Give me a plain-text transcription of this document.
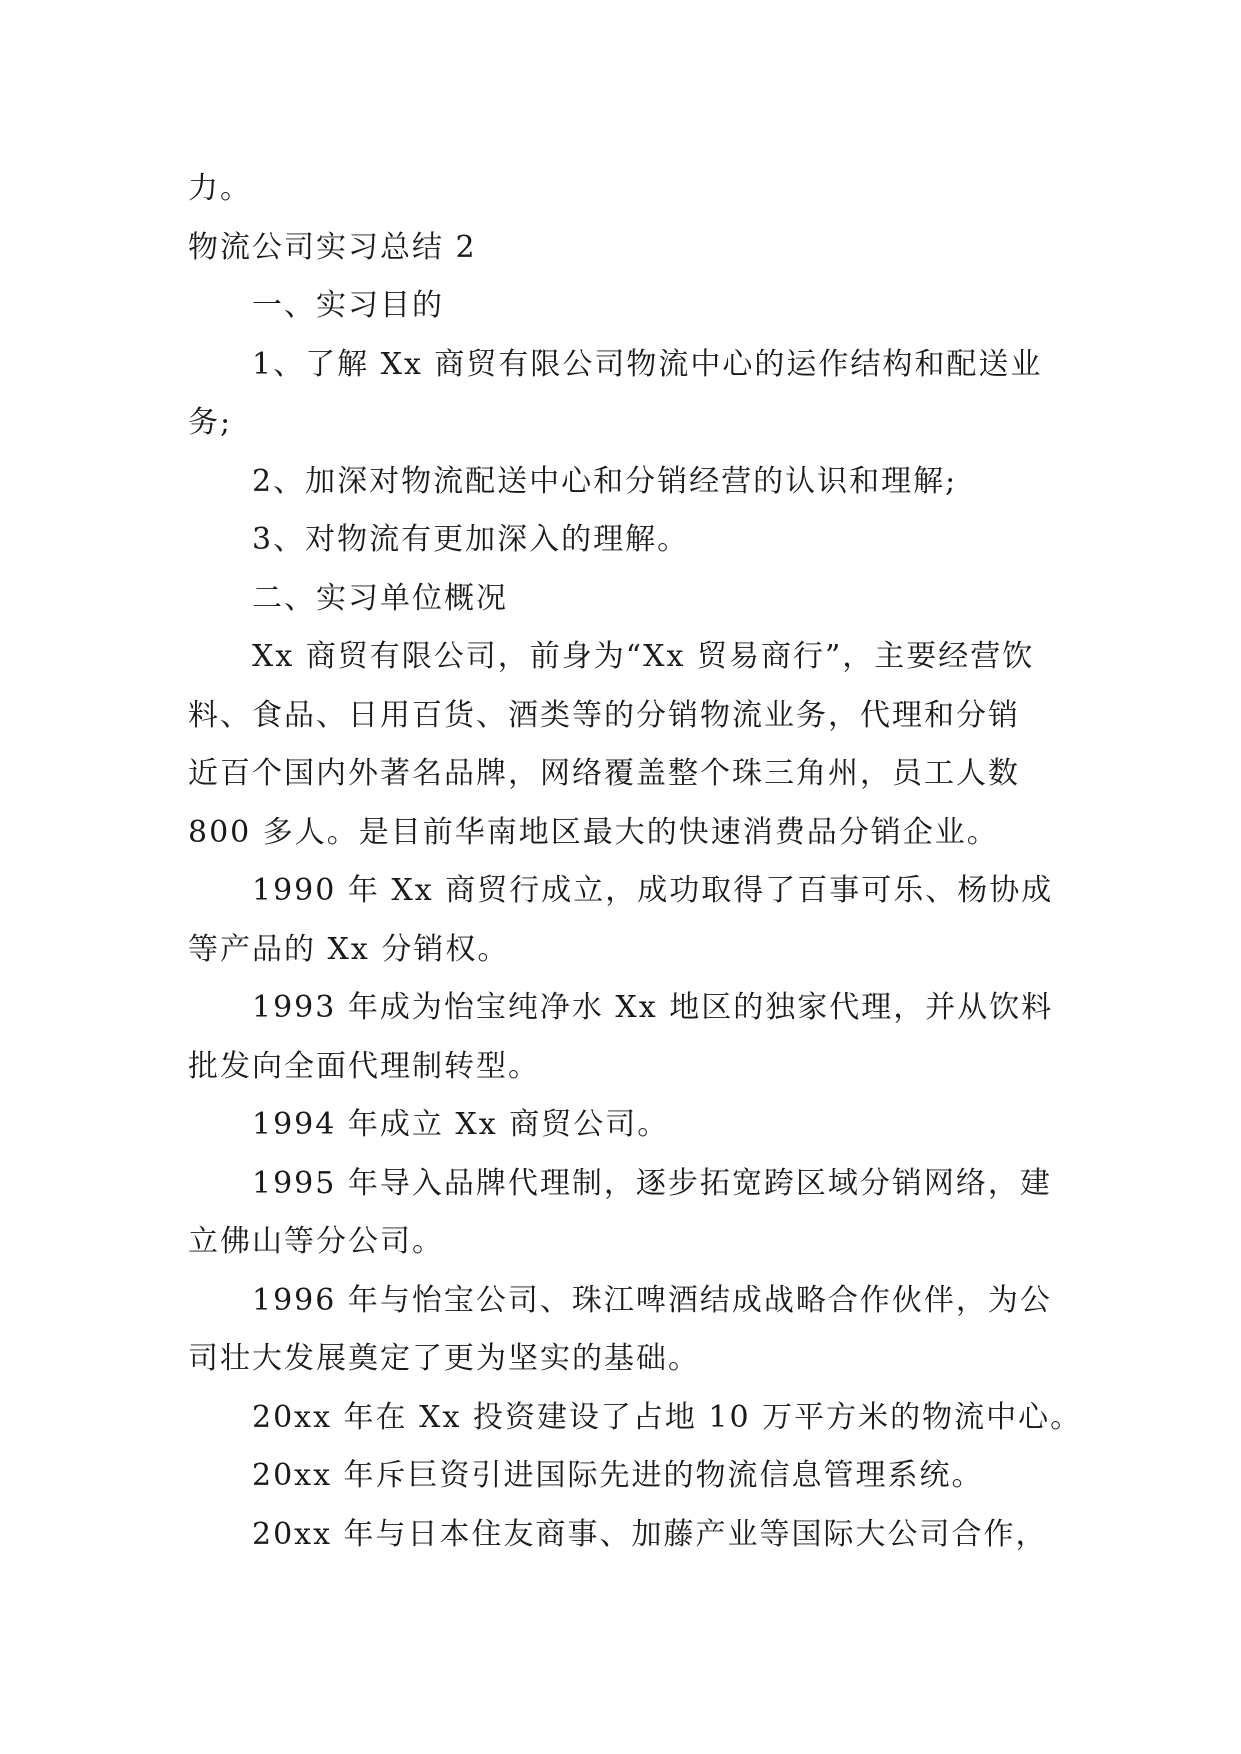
力。
物流公司实习总结 2
一、实习目的
1、了解 Xx 商贸有限公司物流中心的运作结构和配送业
务;
2、加深对物流配送中心和分销经营的认识和理解;
3、对物流有更加深入的理解。
二、实习单位概况
Xx 商贸有限公司，前身为“Xx 贸易商行”，主要经营饮
料、食品、日用百货、酒类等的分销物流业务，代理和分销
近百个国内外著名品牌，网络覆盖整个珠三角州，员工人数
800 多人。是目前华南地区最大的快速消费品分销企业。
1990 年 Xx 商贸行成立，成功取得了百事可乐、杨协成
等产品的 Xx 分销权。
1993 年成为怡宝纯净水 Xx 地区的独家代理，并从饮料
批发向全面代理制转型。
1994 年成立 Xx 商贸公司。
1995 年导入品牌代理制，逐步拓宽跨区域分销网络，建
立佛山等分公司。
1996 年与怡宝公司、珠江啤酒结成战略合作伙伴，为公
司壮大发展奠定了更为坚实的基础。
20xx 年在 Xx 投资建设了占地 10 万平方米的物流中心。
20xx 年斥巨资引进国际先进的物流信息管理系统。
20xx 年与日本住友商事、加藤产业等国际大公司合作，
